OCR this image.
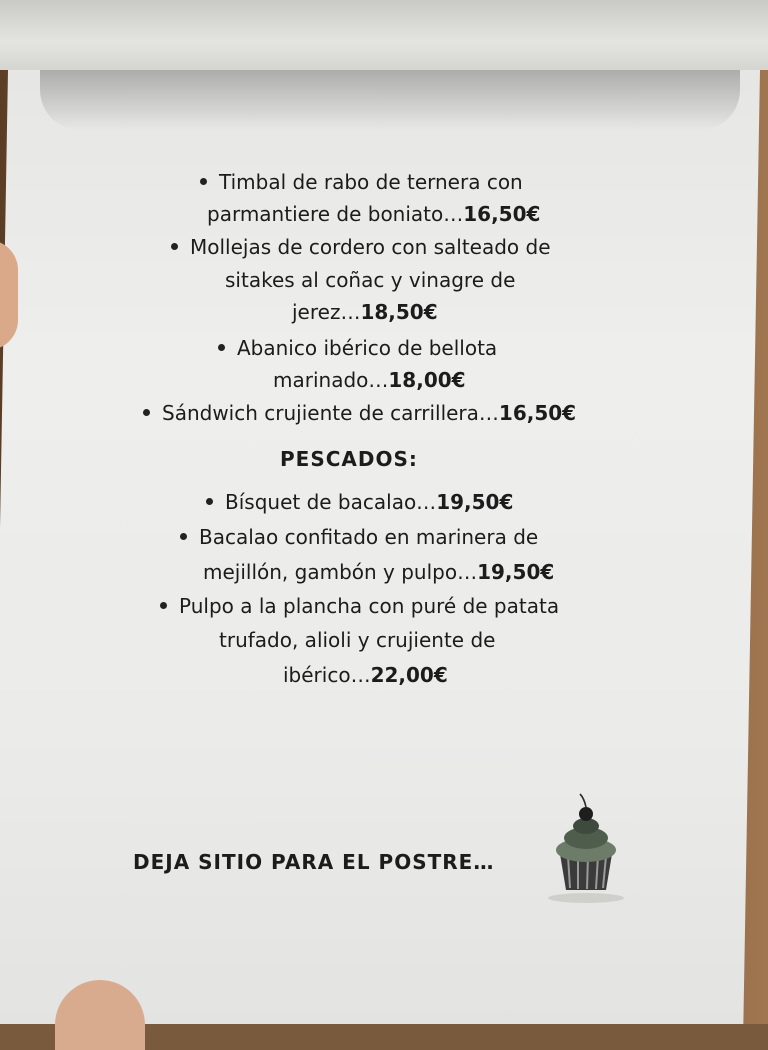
Timbal de rabo de ternera con
parmantiere de boniato…16,50€
Mollejas de cordero con salteado de
sitakes al coñac y vinagre de
jerez…18,50€
Abanico ibérico de bellota
marinado…18,00€
Sándwich crujiente de carrillera…16,50€
PESCADOS:
Bísquet de bacalao…19,50€
Bacalao confitado en marinera de
mejillón, gambón y pulpo…19,50€
Pulpo a la plancha con puré de patata
trufado, alioli y crujiente de
ibérico…22,00€
DEJA SITIO PARA EL POSTRE…
